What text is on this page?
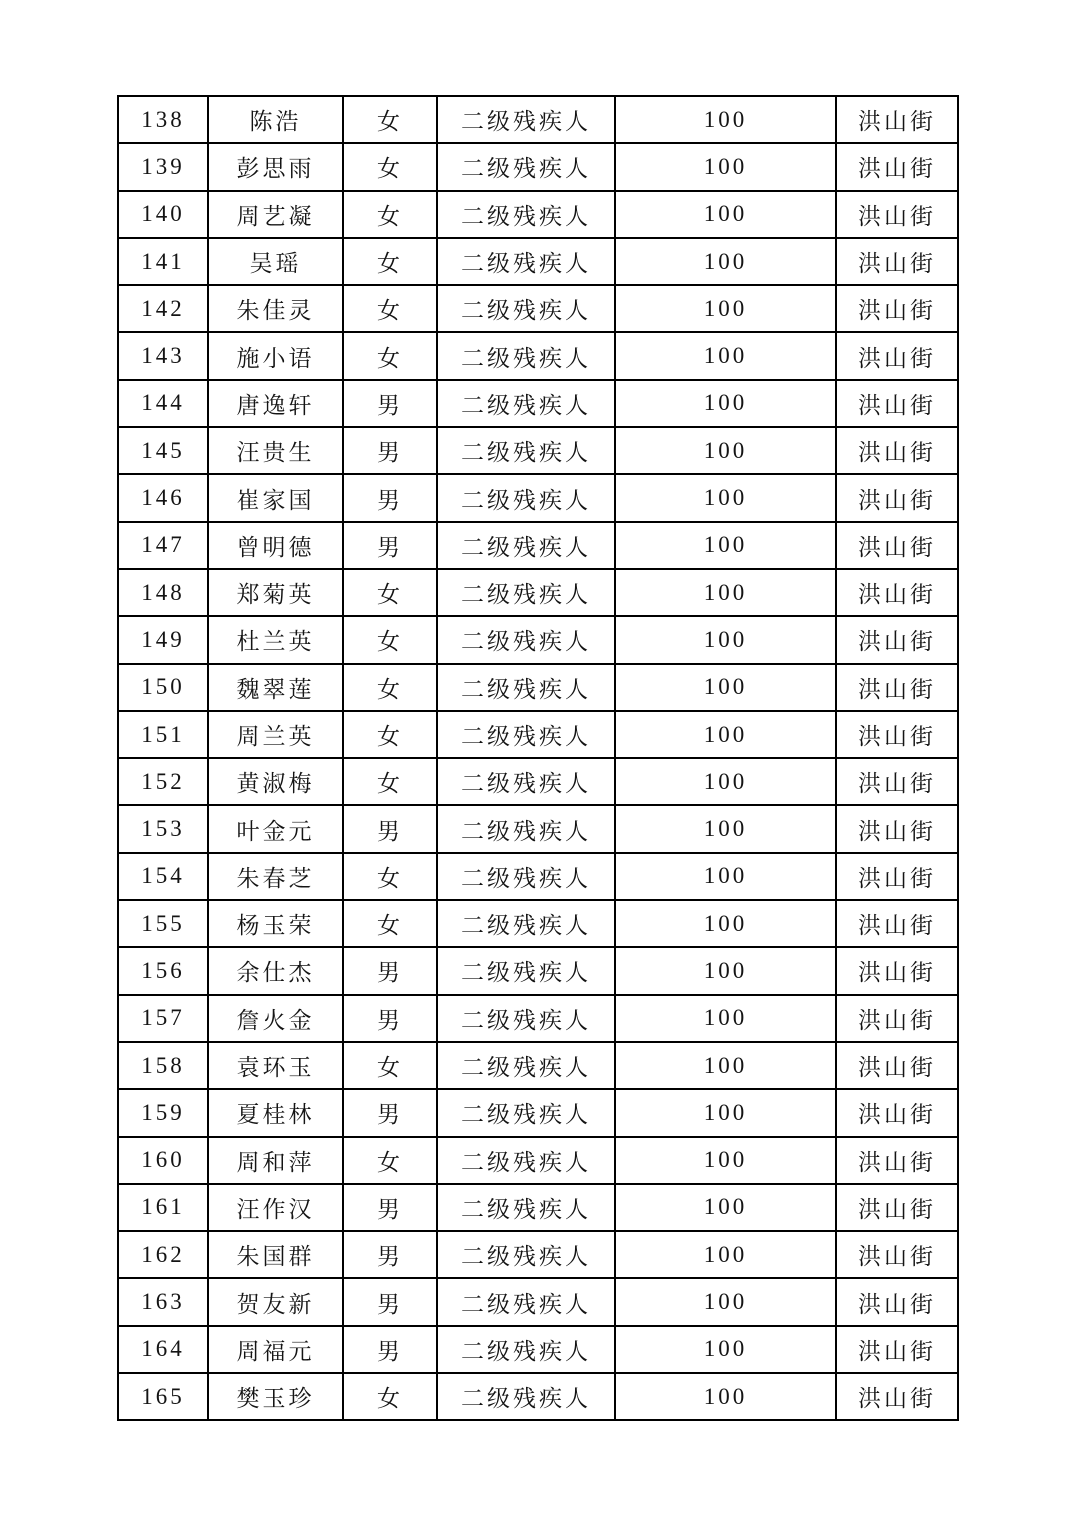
138	陈浩	女	二级残疾人	100	洪山街
139	彭思雨	女	二级残疾人	100	洪山街
140	周艺凝	女	二级残疾人	100	洪山街
141	吴瑶	女	二级残疾人	100	洪山街
142	朱佳灵	女	二级残疾人	100	洪山街
143	施小语	女	二级残疾人	100	洪山街
144	唐逸轩	男	二级残疾人	100	洪山街
145	汪贵生	男	二级残疾人	100	洪山街
146	崔家国	男	二级残疾人	100	洪山街
147	曾明德	男	二级残疾人	100	洪山街
148	郑菊英	女	二级残疾人	100	洪山街
149	杜兰英	女	二级残疾人	100	洪山街
150	魏翠莲	女	二级残疾人	100	洪山街
151	周兰英	女	二级残疾人	100	洪山街
152	黄淑梅	女	二级残疾人	100	洪山街
153	叶金元	男	二级残疾人	100	洪山街
154	朱春芝	女	二级残疾人	100	洪山街
155	杨玉荣	女	二级残疾人	100	洪山街
156	余仕杰	男	二级残疾人	100	洪山街
157	詹火金	男	二级残疾人	100	洪山街
158	袁环玉	女	二级残疾人	100	洪山街
159	夏桂林	男	二级残疾人	100	洪山街
160	周和萍	女	二级残疾人	100	洪山街
161	汪作汉	男	二级残疾人	100	洪山街
162	朱国群	男	二级残疾人	100	洪山街
163	贺友新	男	二级残疾人	100	洪山街
164	周福元	男	二级残疾人	100	洪山街
165	樊玉珍	女	二级残疾人	100	洪山街
